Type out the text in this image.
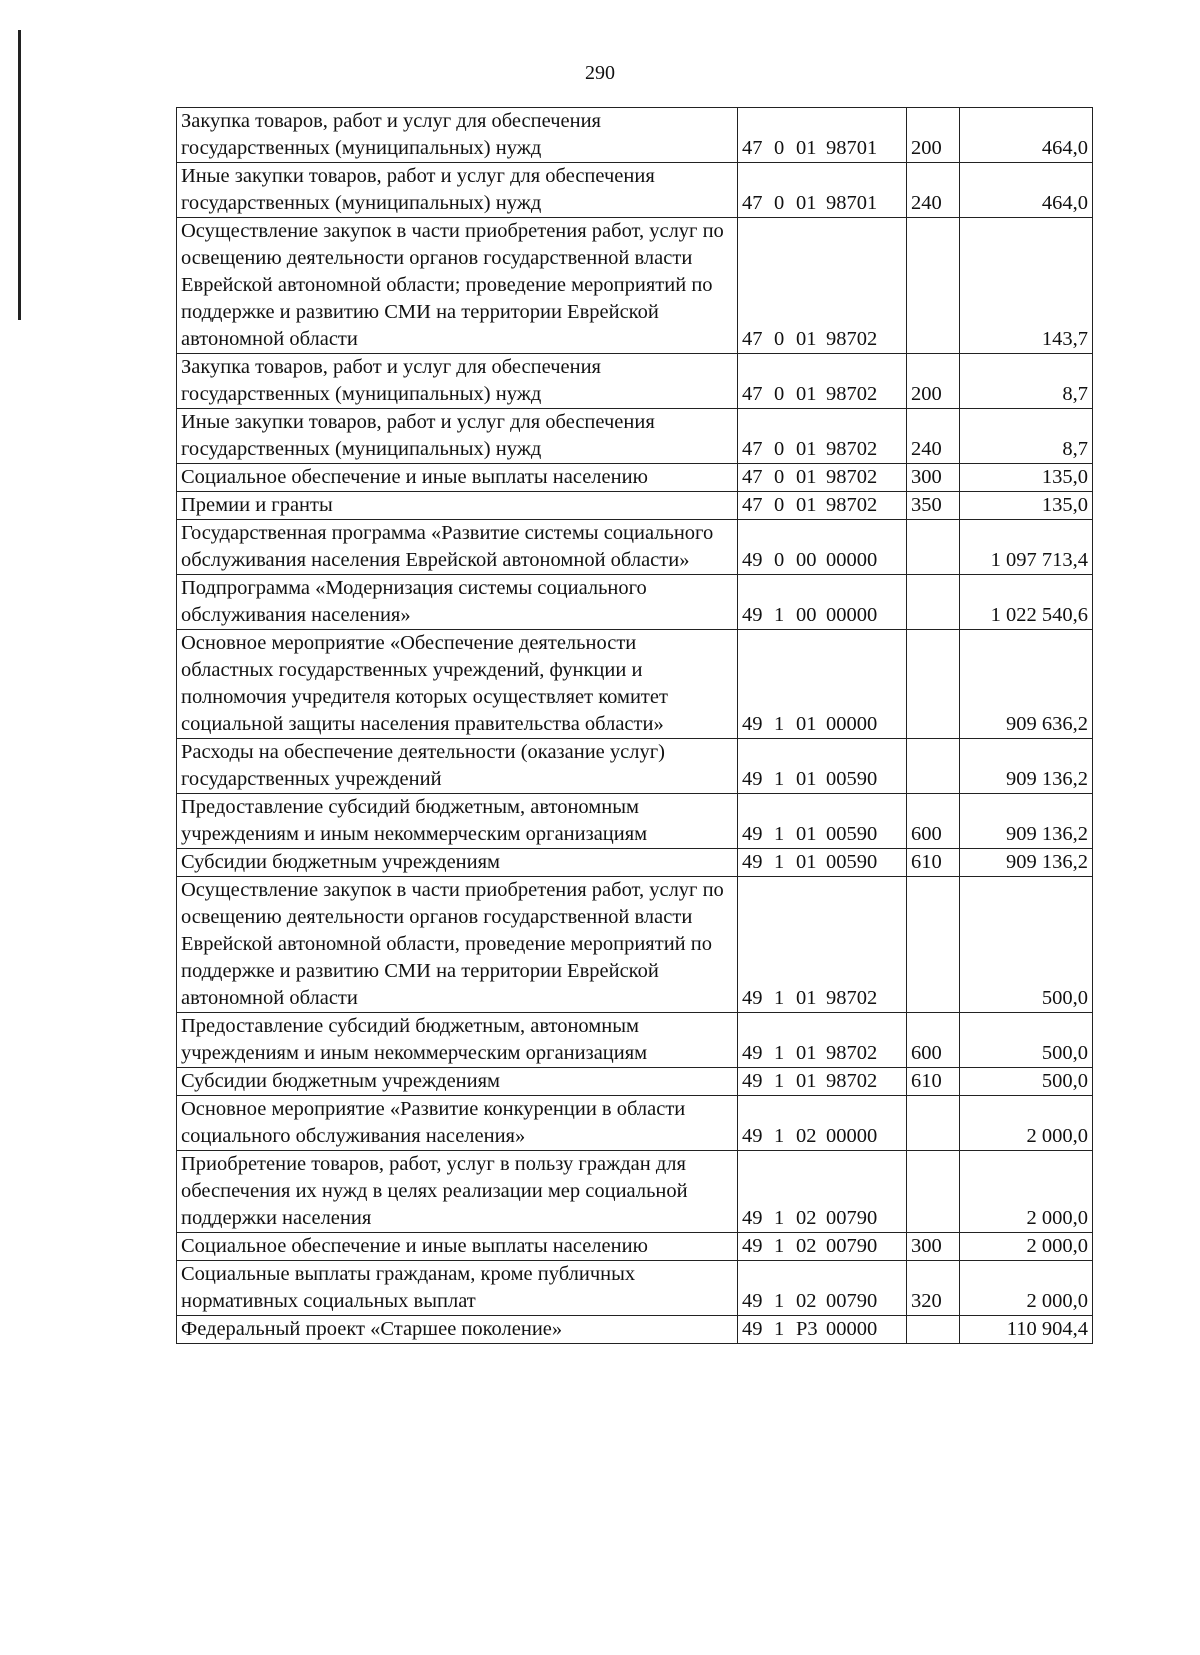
290
Закупка товаров, работ и услуг для обеспечения государственных (муниципальных) нужд	47 0 01 98701	200	464,0
Иные закупки товаров, работ и услуг для обеспечения государственных (муниципальных) нужд	47 0 01 98701	240	464,0
Осуществление закупок в части приобретения работ, услуг по освещению деятельности органов государственной власти Еврейской автономной области; проведение мероприятий по поддержке и развитию СМИ на территории Еврейской автономной области	47 0 01 98702		143,7
Закупка товаров, работ и услуг для обеспечения государственных (муниципальных) нужд	47 0 01 98702	200	8,7
Иные закупки товаров, работ и услуг для обеспечения государственных (муниципальных) нужд	47 0 01 98702	240	8,7
Социальное обеспечение и иные выплаты населению	47 0 01 98702	300	135,0
Премии и гранты	47 0 01 98702	350	135,0
Государственная программа «Развитие системы социального обслуживания населения Еврейской автономной области»	49 0 00 00000		1 097 713,4
Подпрограмма «Модернизация системы социального обслуживания населения»	49 1 00 00000		1 022 540,6
Основное мероприятие «Обеспечение деятельности областных государственных учреждений, функции и полномочия учредителя которых осуществляет комитет социальной защиты населения правительства области»	49 1 01 00000		909 636,2
Расходы на обеспечение деятельности (оказание услуг) государственных учреждений	49 1 01 00590		909 136,2
Предоставление субсидий бюджетным, автономным учреждениям и иным некоммерческим организациям	49 1 01 00590	600	909 136,2
Субсидии бюджетным учреждениям	49 1 01 00590	610	909 136,2
Осуществление закупок в части приобретения работ, услуг по освещению деятельности органов государственной власти Еврейской автономной области, проведение мероприятий по поддержке и развитию СМИ на территории Еврейской автономной области	49 1 01 98702		500,0
Предоставление субсидий бюджетным, автономным учреждениям и иным некоммерческим организациям	49 1 01 98702	600	500,0
Субсидии бюджетным учреждениям	49 1 01 98702	610	500,0
Основное мероприятие «Развитие конкуренции в области социального обслуживания населения»	49 1 02 00000		2 000,0
Приобретение товаров, работ, услуг в пользу граждан для обеспечения их нужд в целях реализации мер социальной поддержки населения	49 1 02 00790		2 000,0
Социальное обеспечение и иные выплаты населению	49 1 02 00790	300	2 000,0
Социальные выплаты гражданам, кроме публичных нормативных социальных выплат	49 1 02 00790	320	2 000,0
Федеральный проект «Старшее поколение»	49 1 Р3 00000		110 904,4
